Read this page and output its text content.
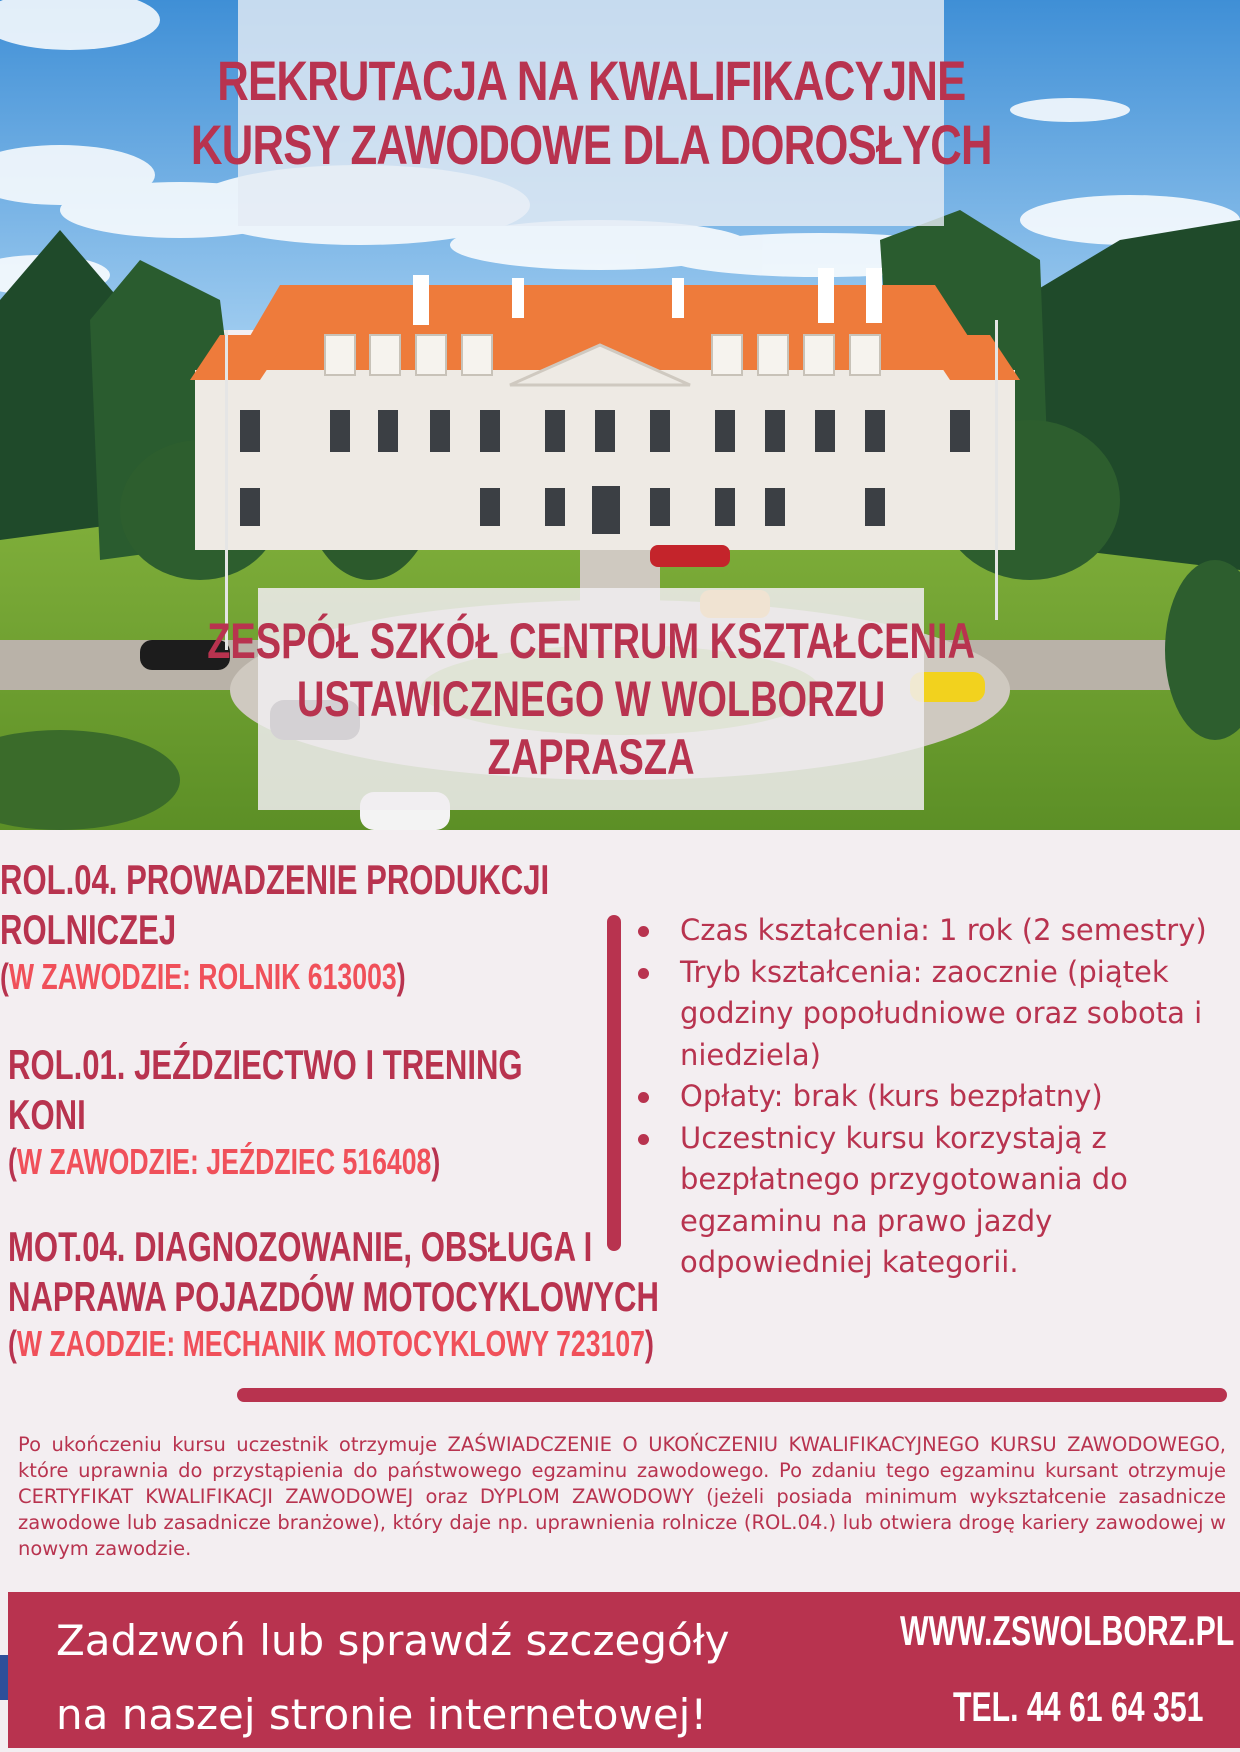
REKRUTACJA NA KWALIFIKACYJNE
KURSY ZAWODOWE DLA DOROSŁYCH

ZESPÓŁ SZKÓŁ CENTRUM KSZTAŁCENIA
USTAWICZNEGO W WOLBORZU
ZAPRASZA

ROL.04. PROWADZENIE PRODUKCJI
ROLNICZEJ
(W ZAWODZIE: ROLNIK 613003)
ROL.01. JEŹDZIECTWO I TRENING
KONI
(W ZAWODZIE: JEŹDZIEC 516408)
MOT.04. DIAGNOZOWANIE, OBSŁUGA I
NAPRAWA POJAZDÓW MOTOCYKLOWYCH
(W ZAODZIE: MECHANIK MOTOCYKLOWY 723107)
Czas kształcenia: 1 rok (2 semestry)
Tryb kształcenia: zaocznie (piątek godziny popołudniowe oraz sobota i niedziela)
Opłaty: brak (kurs bezpłatny)
Uczestnicy kursu korzystają z bezpłatnego przygotowania do egzaminu na prawo jazdy odpowiedniej kategorii.

Po ukończeniu kursu uczestnik otrzymuje ZAŚWIADCZENIE O UKOŃCZENIU KWALIFIKACYJNEGO KURSU ZAWODOWEGO, które uprawnia do przystąpienia do państwowego egzaminu zawodowego. Po zdaniu tego egzaminu kursant otrzymuje CERTYFIKAT KWALIFIKACJI ZAWODOWEJ oraz DYPLOM ZAWODOWY (jeżeli posiada minimum wykształcenie zasadnicze zawodowe lub zasadnicze branżowe), który daje np. uprawnienia rolnicze (ROL.04.) lub otwiera drogę kariery zawodowej w nowym zawodzie.

Zadzwoń lub sprawdź szczegóły
na naszej stronie internetowej!
WWW.ZSWOLBORZ.PL
TEL. 44 61 64 351
